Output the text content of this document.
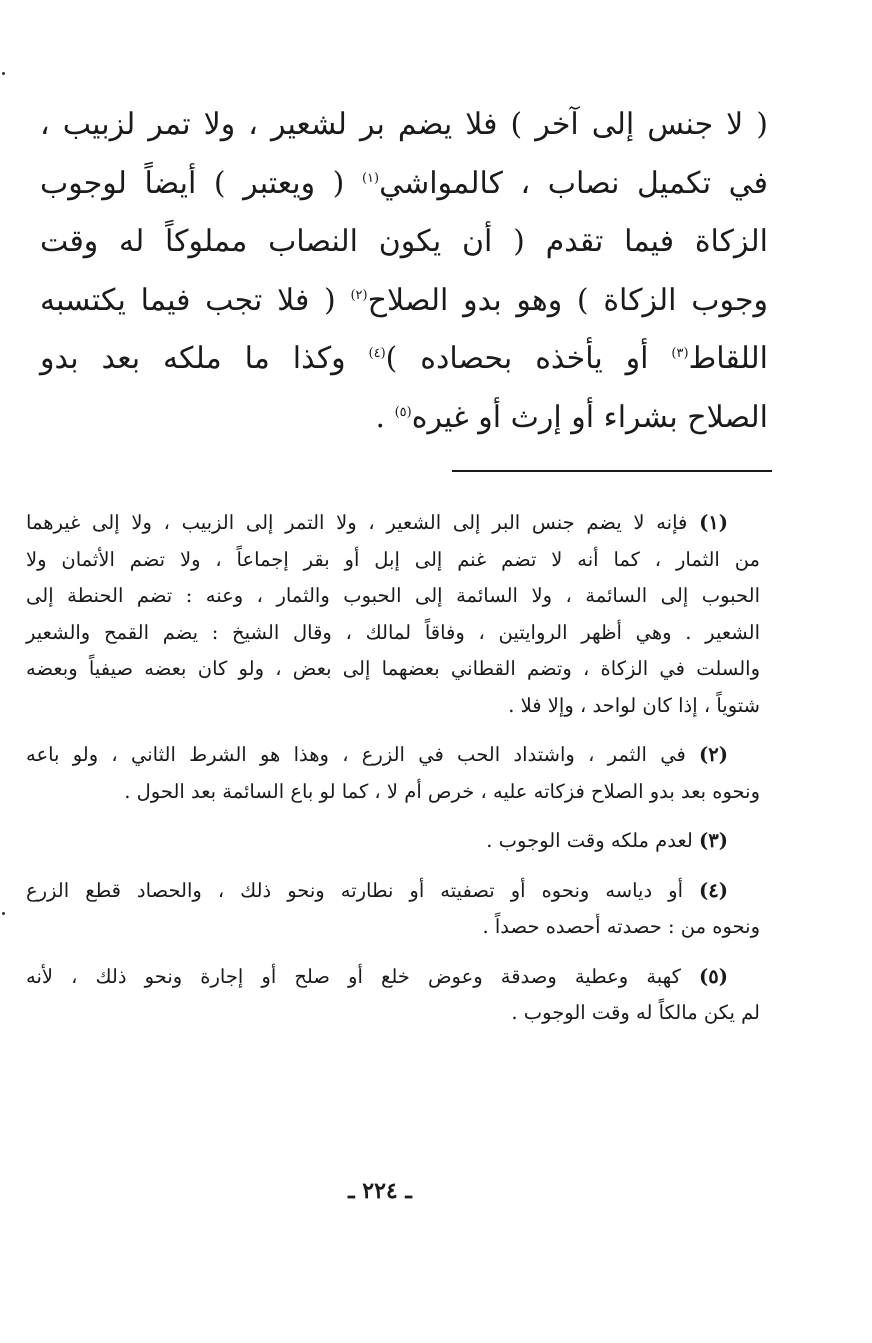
( لا جنس إلى آخر ) فلا يضم بر لشعير ، ولا تمر لزبيب ،
في تكميل نصاب ، كالمواشي$^{(١)}$ ( ويعتبر ) أيضاً لوجوب
الزكاة فيما تقدم ( أن يكون النصاب مملوكاً له وقت
وجوب الزكاة ) وهو بدو الصلاح$^{(٢)}$ ( فلا تجب فيما يكتسبه
اللقاط$^{(٣)}$ أو يأخذه بحصاده )$^{(٤)}$ وكذا ما ملكه بعد بدو
الصلاح بشراء أو إرث أو غيره$^{(٥)}$ .
(١) فإنه لا يضم جنس البر إلى الشعير ، ولا التمر إلى الزبيب ، ولا إلى غيرهما
من الثمار ، كما أنه لا تضم غنم إلى إبل أو بقر إجماعاً ، ولا تضم الأثمان ولا
الحبوب إلى السائمة ، ولا السائمة إلى الحبوب والثمار ، وعنه : تضم الحنطة إلى
الشعير . وهي أظهر الروايتين ، وفاقاً لمالك ، وقال الشيخ : يضم القمح والشعير
والسلت في الزكاة ، وتضم القطاني بعضهما إلى بعض ، ولو كان بعضه صيفياً وبعضه
شتوياً ، إذا كان لواحد ، وإلا فلا .
(٢) في الثمر ، واشتداد الحب في الزرع ، وهذا هو الشرط الثاني ، ولو باعه
ونحوه بعد بدو الصلاح فزكاته عليه ، خرص أم لا ، كما لو باع السائمة بعد الحول .
(٣) لعدم ملكه وقت الوجوب .
(٤) أو دياسه ونحوه أو تصفيته أو نطارته ونحو ذلك ، والحصاد قطع الزرع
ونحوه من : حصدته أحصده حصداً .
(٥) كهبة وعطية وصدقة وعوض خلع أو صلح أو إجارة ونحو ذلك ، لأنه
لم يكن مالكاً له وقت الوجوب .
ـ ٢٢٤ ـ
